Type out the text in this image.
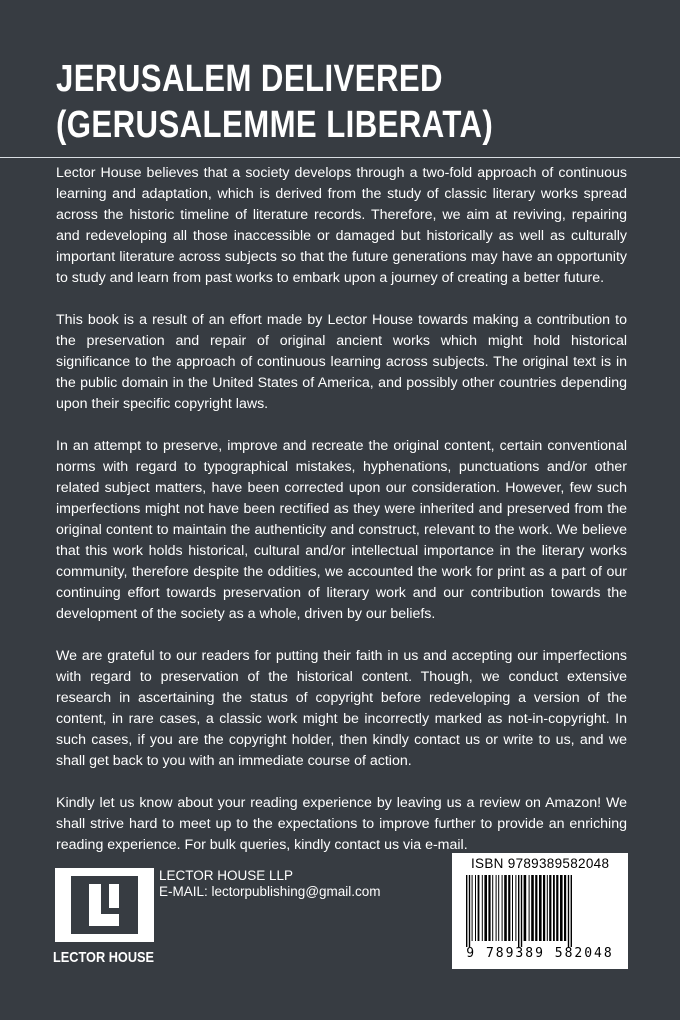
JERUSALEM DELIVERED
(GERUSALEMME LIBERATA)

Lector House believes that a society develops through a two-fold approach of continuous learning and adaptation, which is derived from the study of classic literary works spread across the historic timeline of literature records. Therefore, we aim at reviving, repairing and redeveloping all those inaccessible or damaged but historically as well as culturally important literature across subjects so that the future generations may have an opportunity to study and learn from past works to embark upon a journey of creating a better future.

This book is a result of an effort made by Lector House towards making a contribution to the preservation and repair of original ancient works which might hold historical significance to the approach of continuous learning across subjects. The original text is in the public domain in the United States of America, and possibly other countries depending upon their specific copyright laws.

In an attempt to preserve, improve and recreate the original content, certain conventional norms with regard to typographical mistakes, hyphenations, punctuations and/or other related subject matters, have been corrected upon our consideration. However, few such imperfections might not have been rectified as they were inherited and preserved from the original content to maintain the authenticity and construct, relevant to the work. We believe that this work holds historical, cultural and/or intellectual importance in the literary works community, therefore despite the oddities, we accounted the work for print as a part of our continuing effort towards preservation of literary work and our contribution towards the development of the society as a whole, driven by our beliefs.

We are grateful to our readers for putting their faith in us and accepting our imperfections with regard to preservation of the historical content. Though, we conduct extensive research in ascertaining the status of copyright before redeveloping a version of the content, in rare cases, a classic work might be incorrectly marked as not-in-copyright. In such cases, if you are the copyright holder, then kindly contact us or write to us, and we shall get back to you with an immediate course of action.

Kindly let us know about your reading experience by leaving us a review on Amazon! We shall strive hard to meet up to the expectations to improve further to provide an enriching reading experience. For bulk queries, kindly contact us via e-mail.

LECTOR HOUSE
LECTOR HOUSE LLP
E-MAIL: lectorpublishing@gmail.com
ISBN 9789389582048
9 789389 582048
